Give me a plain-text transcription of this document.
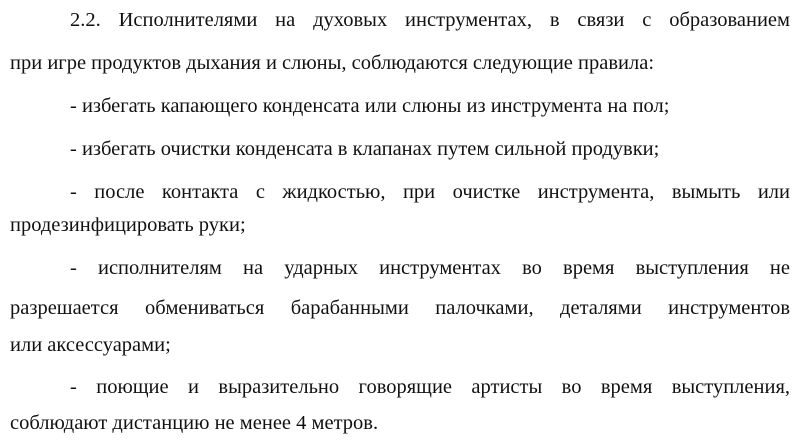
2.2. Исполнителями на духовых инструментах, в связи с образованием
при игре продуктов дыхания и слюны, соблюдаются следующие правила:
- избегать капающего конденсата или слюны из инструмента на пол;
- избегать очистки конденсата в клапанах путем сильной продувки;
- после контакта с жидкостью, при очистке инструмента, вымыть или
продезинфицировать руки;
- исполнителям на ударных инструментах во время выступления не
разрешается обмениваться барабанными палочками, деталями инструментов
или аксессуарами;
- поющие и выразительно говорящие артисты во время выступления,
соблюдают дистанцию не менее 4 метров.
